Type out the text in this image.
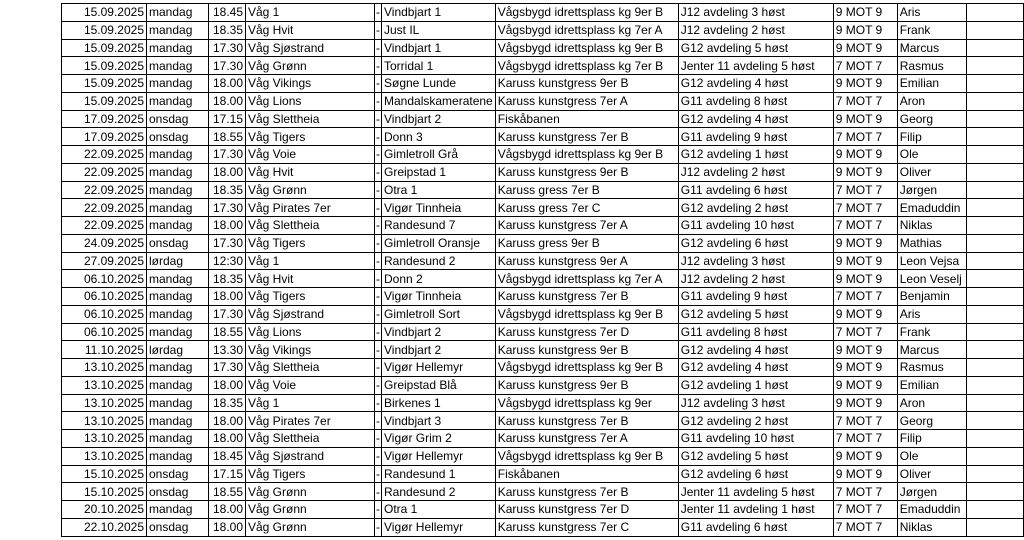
15.09.2025	mandag	18.45	Våg 1	-	Vindbjart 1	Vågsbygd idrettsplass kg 9er B	J12 avdeling 3 høst	9 MOT 9	Aris	
15.09.2025	mandag	18.35	Våg Hvit	-	Just IL	Vågsbygd idrettsplass kg 7er A	J12 avdeling 2 høst	9 MOT 9	Frank	
15.09.2025	mandag	17.30	Våg Sjøstrand	-	Vindbjart 1	Vågsbygd idrettsplass kg 9er B	G12 avdeling 5 høst	9 MOT 9	Marcus	
15.09.2025	mandag	17.30	Våg Grønn	-	Torridal 1	Vågsbygd idrettsplass kg 7er B	Jenter 11 avdeling 5 høst	7 MOT 7	Rasmus	
15.09.2025	mandag	18.00	Våg Vikings	-	Søgne Lunde	Karuss kunstgress 9er B	G12 avdeling 4 høst	9 MOT 9	Emilian	
15.09.2025	mandag	18.00	Våg Lions	-	Mandalskameratene	Karuss kunstgress 7er A	G11 avdeling 8 høst	7 MOT 7	Aron	
17.09.2025	onsdag	17.15	Våg Slettheia	-	Vindbjart 2	Fiskåbanen	G12 avdeling 4 høst	9 MOT 9	Georg	
17.09.2025	onsdag	18.55	Våg Tigers	-	Donn 3	Karuss kunstgress 7er B	G11 avdeling 9 høst	7 MOT 7	Filip	
22.09.2025	mandag	17.30	Våg Voie	-	Gimletroll Grå	Vågsbygd idrettsplass kg 9er B	G12 avdeling 1 høst	9 MOT 9	Ole	
22.09.2025	mandag	18.00	Våg Hvit	-	Greipstad 1	Karuss kunstgress 9er B	J12 avdeling 2 høst	9 MOT 9	Oliver	
22.09.2025	mandag	18.35	Våg Grønn	-	Otra 1	Karuss gress 7er B	G11 avdeling 6 høst	7 MOT 7	Jørgen	
22.09.2025	mandag	17.30	Våg Pirates 7er	-	Vigør Tinnheia	Karuss gress 7er C	G12 avdeling 2 høst	7 MOT 7	Emaduddin	
22.09.2025	mandag	18.00	Våg Slettheia	-	Randesund 7	Karuss kunstgress 7er A	G11 avdeling 10 høst	7 MOT 7	Niklas	
24.09.2025	onsdag	17.30	Våg Tigers	-	Gimletroll Oransje	Karuss gress 9er B	G12 avdeling 6 høst	9 MOT 9	Mathias	
27.09.2025	lørdag	12:30	Våg 1	-	Randesund 2	Karuss kunstgress 9er A	J12 avdeling 3 høst	9 MOT 9	Leon Vejsa	
06.10.2025	mandag	18.35	Våg Hvit	-	Donn 2	Vågsbygd idrettsplass kg 7er A	J12 avdeling 2 høst	9 MOT 9	Leon Veselj	
06.10.2025	mandag	18.00	Våg Tigers	-	Vigør Tinnheia	Karuss kunstgress 7er B	G11 avdeling 9 høst	7 MOT 7	Benjamin	
06.10.2025	mandag	17.30	Våg Sjøstrand	-	Gimletroll Sort	Vågsbygd idrettsplass kg 9er B	G12 avdeling 5 høst	9 MOT 9	Aris	
06.10.2025	mandag	18.55	Våg Lions	-	Vindbjart 2	Karuss kunstgress 7er D	G11 avdeling 8 høst	7 MOT 7	Frank	
11.10.2025	lørdag	13.30	Våg Vikings	-	Vindbjart 2	Karuss kunstgress 9er B	G12 avdeling 4 høst	9 MOT 9	Marcus	
13.10.2025	mandag	17.30	Våg Slettheia	-	Vigør Hellemyr	Vågsbygd idrettsplass kg 9er B	G12 avdeling 4 høst	9 MOT 9	Rasmus	
13.10.2025	mandag	18.00	Våg Voie	-	Greipstad Blå	Karuss kunstgress 9er B	G12 avdeling 1 høst	9 MOT 9	Emilian	
13.10.2025	mandag	18.35	Våg 1	-	Birkenes 1	Vågsbygd idrettsplass kg 9er	J12 avdeling 3 høst	9 MOT 9	Aron	
13.10.2025	mandag	18.00	Våg Pirates 7er	-	Vindbjart 3	Karuss kunstgress 7er B	G12 avdeling 2 høst	7 MOT 7	Georg	
13.10.2025	mandag	18.00	Våg Slettheia	-	Vigør Grim 2	Karuss kunstgress 7er A	G11 avdeling 10 høst	7 MOT 7	Filip	
13.10.2025	mandag	18.45	Våg Sjøstrand	-	Vigør Hellemyr	Vågsbygd idrettsplass kg 9er B	G12 avdeling 5 høst	9 MOT 9	Ole	
15.10.2025	onsdag	17.15	Våg Tigers	-	Randesund 1	Fiskåbanen	G12 avdeling 6 høst	9 MOT 9	Oliver	
15.10.2025	onsdag	18.55	Våg Grønn	-	Randesund 2	Karuss kunstgress 7er B	Jenter 11 avdeling 5 høst	7 MOT 7	Jørgen	
20.10.2025	mandag	18.00	Våg Grønn	-	Otra 1	Karuss kunstgress 7er D	Jenter 11 avdeling 1 høst	7 MOT 7	Emaduddin	
22.10.2025	onsdag	18.00	Våg Grønn	-	Vigør Hellemyr	Karuss kunstgress 7er C	G11 avdeling 6 høst	7 MOT 7	Niklas	
